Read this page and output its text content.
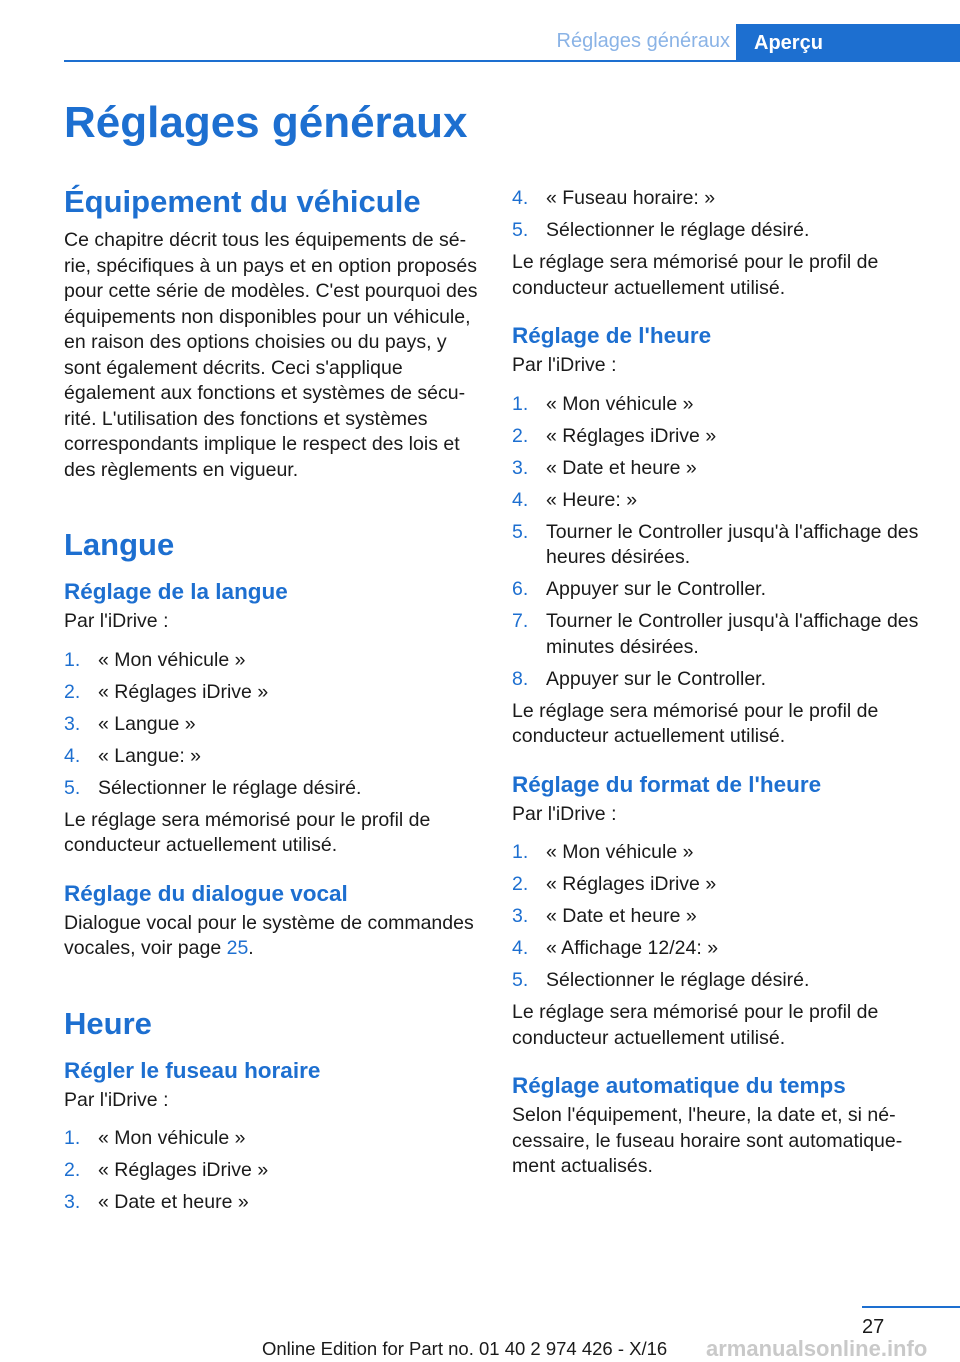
Réglages généraux	Aperçu
Réglages généraux
Équipement du véhicule

Ce chapitre décrit tous les équipements de série, spécifiques à un pays et en option proposés pour cette série de modèles. C'est pourquoi des équipements non disponibles pour un véhicule, en raison des options choisies ou du pays, y sont également décrits. Ceci s'applique également aux fonctions et systèmes de sécurité. L'utilisation des fonctions et systèmes correspondants implique le respect des lois et des règlements en vigueur.

Langue
Réglage de la langue

Par l'iDrive :

1. « Mon véhicule »
2. « Réglages iDrive »
3. « Langue »
4. « Langue: »
5. Sélectionner le réglage désiré.

Le réglage sera mémorisé pour le profil de conducteur actuellement utilisé.

Réglage du dialogue vocal

Dialogue vocal pour le système de commandes vocales, voir page 25.

Heure
Régler le fuseau horaire

Par l'iDrive :

1. « Mon véhicule »
2. « Réglages iDrive »
3. « Date et heure »
4. « Fuseau horaire: »
5. Sélectionner le réglage désiré.

Le réglage sera mémorisé pour le profil de conducteur actuellement utilisé.

Réglage de l'heure

Par l'iDrive :

1. « Mon véhicule »
2. « Réglages iDrive »
3. « Date et heure »
4. « Heure: »
5. Tourner le Controller jusqu'à l'affichage des heures désirées.
6. Appuyer sur le Controller.
7. Tourner le Controller jusqu'à l'affichage des minutes désirées.
8. Appuyer sur le Controller.

Le réglage sera mémorisé pour le profil de conducteur actuellement utilisé.

Réglage du format de l'heure

Par l'iDrive :

1. « Mon véhicule »
2. « Réglages iDrive »
3. « Date et heure »
4. « Affichage 12/24: »
5. Sélectionner le réglage désiré.

Le réglage sera mémorisé pour le profil de conducteur actuellement utilisé.

Réglage automatique du temps

Selon l'équipement, l'heure, la date et, si nécessaire, le fuseau horaire sont automatiquement actualisés.

27
Online Edition for Part no. 01 40 2 974 426 - X/16 armanualsonline.info
